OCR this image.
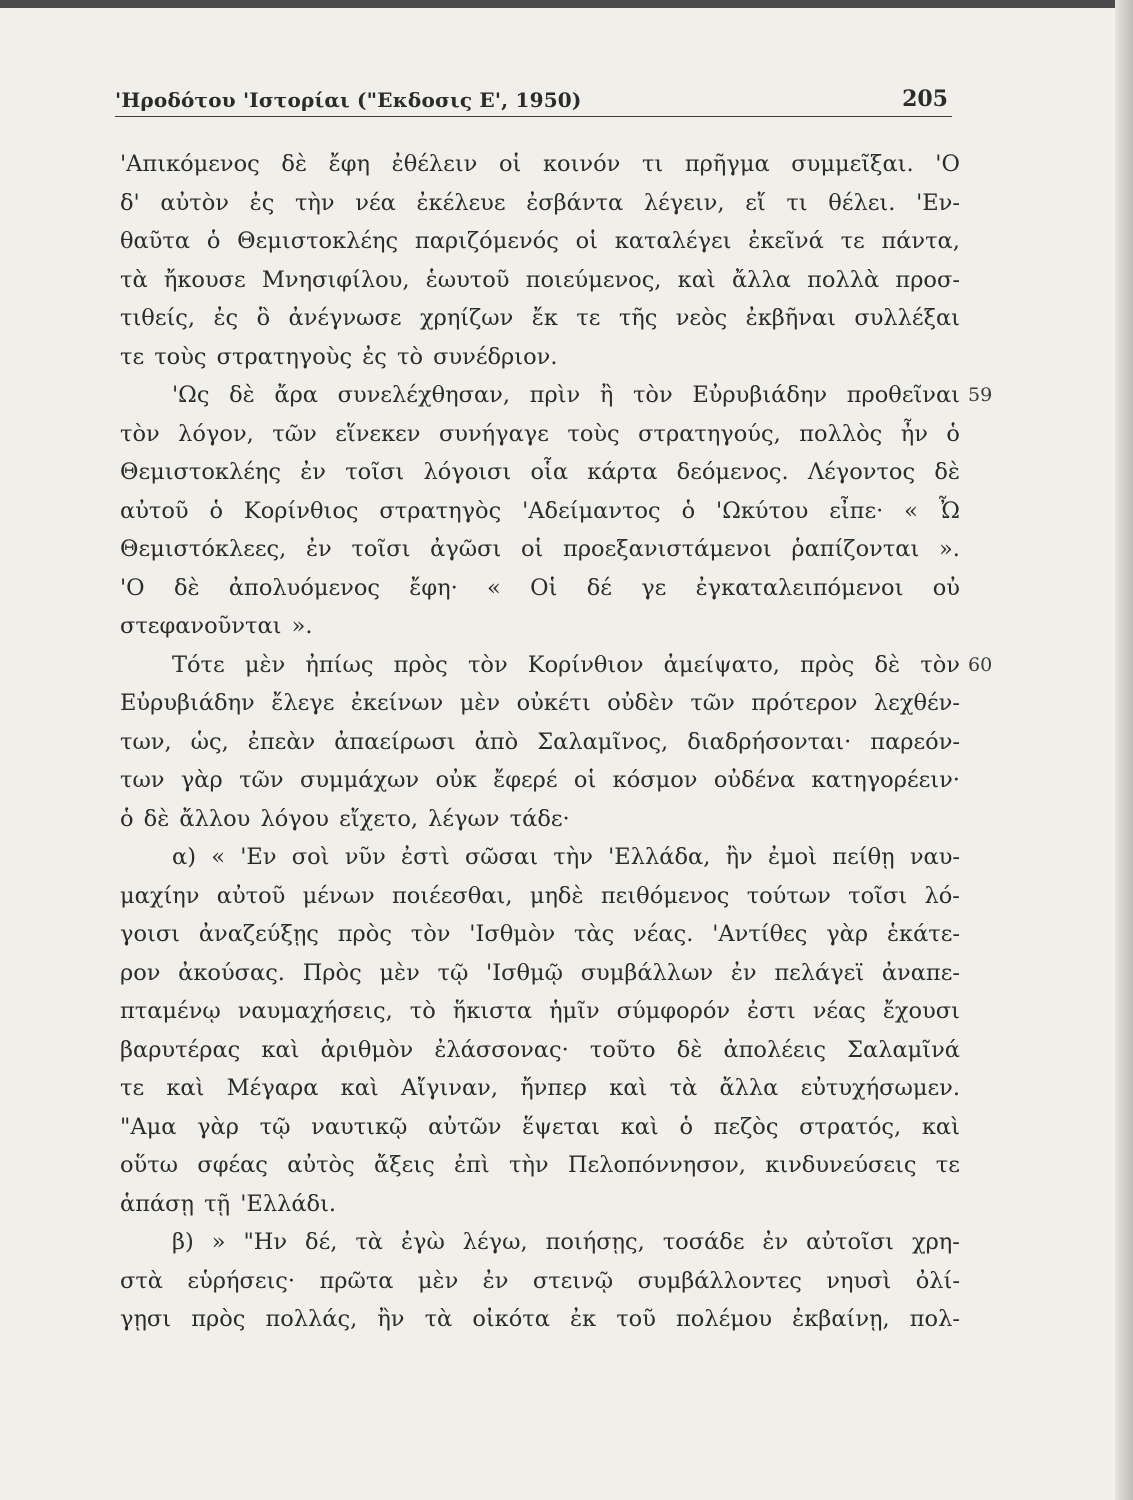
'Ηροδότου 'Ιστορίαι ("Εκδοσις Ε', 1950)	205
'Απικόμενος δὲ ἔφη ἐθέλειν οἱ κοινόν τι πρῆγμα συμμεῖξαι. 'Ο
δ' αὐτὸν ἐς τὴν νέα ἐκέλευε ἐσβάντα λέγειν, εἴ τι θέλει. 'Εν-
θαῦτα ὁ Θεμιστοκλέης παριζόμενός οἱ καταλέγει ἐκεῖνά τε πάντα,
τὰ ἤκουσε Μνησιφίλου, ἑωυτοῦ ποιεύμενος, καὶ ἄλλα πολλὰ προσ-
τιθείς, ἐς ὃ ἀνέγνωσε χρηίζων ἔκ τε τῆς νεὸς ἐκβῆναι συλλέξαι
τε τοὺς στρατηγοὺς ἐς τὸ συνέδριον.
'Ως δὲ ἄρα συνελέχθησαν, πρὶν ἢ τὸν Εὐρυβιάδην προθεῖναι 59
τὸν λόγον, τῶν εἵνεκεν συνήγαγε τοὺς στρατηγούς, πολλὸς ἦν ὁ
Θεμιστοκλέης ἐν τοῖσι λόγοισι οἷα κάρτα δεόμενος. Λέγοντος δὲ
αὐτοῦ ὁ Κορίνθιος στρατηγὸς 'Αδείμαντος ὁ 'Ωκύτου εἶπε· « Ὦ
Θεμιστόκλεες, ἐν τοῖσι ἀγῶσι οἱ προεξανιστάμενοι ῥαπίζονται ».
'Ο δὲ ἀπολυόμενος ἔφη· « Οἱ δέ γε ἐγκαταλειπόμενοι οὐ
στεφανοῦνται ».
Τότε μὲν ἠπίως πρὸς τὸν Κορίνθιον ἀμείψατο, πρὸς δὲ τὸν 60
Εὐρυβιάδην ἔλεγε ἐκείνων μὲν οὐκέτι οὐδὲν τῶν πρότερον λεχθέν-
των, ὡς, ἐπεὰν ἀπαείρωσι ἀπὸ Σαλαμῖνος, διαδρήσονται· παρεόν-
των γὰρ τῶν συμμάχων οὐκ ἔφερέ οἱ κόσμον οὐδένα κατηγορέειν·
ὁ δὲ ἄλλου λόγου εἴχετο, λέγων τάδε·
α) « 'Εν σοὶ νῦν ἐστὶ σῶσαι τὴν 'Ελλάδα, ἢν ἐμοὶ πείθῃ ναυ-
μαχίην αὐτοῦ μένων ποιέεσθαι, μηδὲ πειθόμενος τούτων τοῖσι λό-
γοισι ἀναζεύξῃς πρὸς τὸν 'Ισθμὸν τὰς νέας. 'Αντίθες γὰρ ἑκάτε-
ρον ἀκούσας. Πρὸς μὲν τῷ 'Ισθμῷ συμβάλλων ἐν πελάγεϊ ἀναπε-
πταμένῳ ναυμαχήσεις, τὸ ἥκιστα ἡμῖν σύμφορόν ἐστι νέας ἔχουσι
βαρυτέρας καὶ ἀριθμὸν ἐλάσσονας· τοῦτο δὲ ἀπολέεις Σαλαμῖνά
τε καὶ Μέγαρα καὶ Αἴγιναν, ἤνπερ καὶ τὰ ἄλλα εὐτυχήσωμεν.
"Αμα γὰρ τῷ ναυτικῷ αὐτῶν ἕψεται καὶ ὁ πεζὸς στρατός, καὶ
οὕτω σφέας αὐτὸς ἄξεις ἐπὶ τὴν Πελοπόννησον, κινδυνεύσεις τε
ἁπάσῃ τῇ 'Ελλάδι.
β) » "Ην δέ, τὰ ἐγὼ λέγω, ποιήσῃς, τοσάδε ἐν αὐτοῖσι χρη-
στὰ εὑρήσεις· πρῶτα μὲν ἐν στεινῷ συμβάλλοντες νηυσὶ ὀλί-
γῃσι πρὸς πολλάς, ἢν τὰ οἰκότα ἐκ τοῦ πολέμου ἐκβαίνῃ, πολ-
